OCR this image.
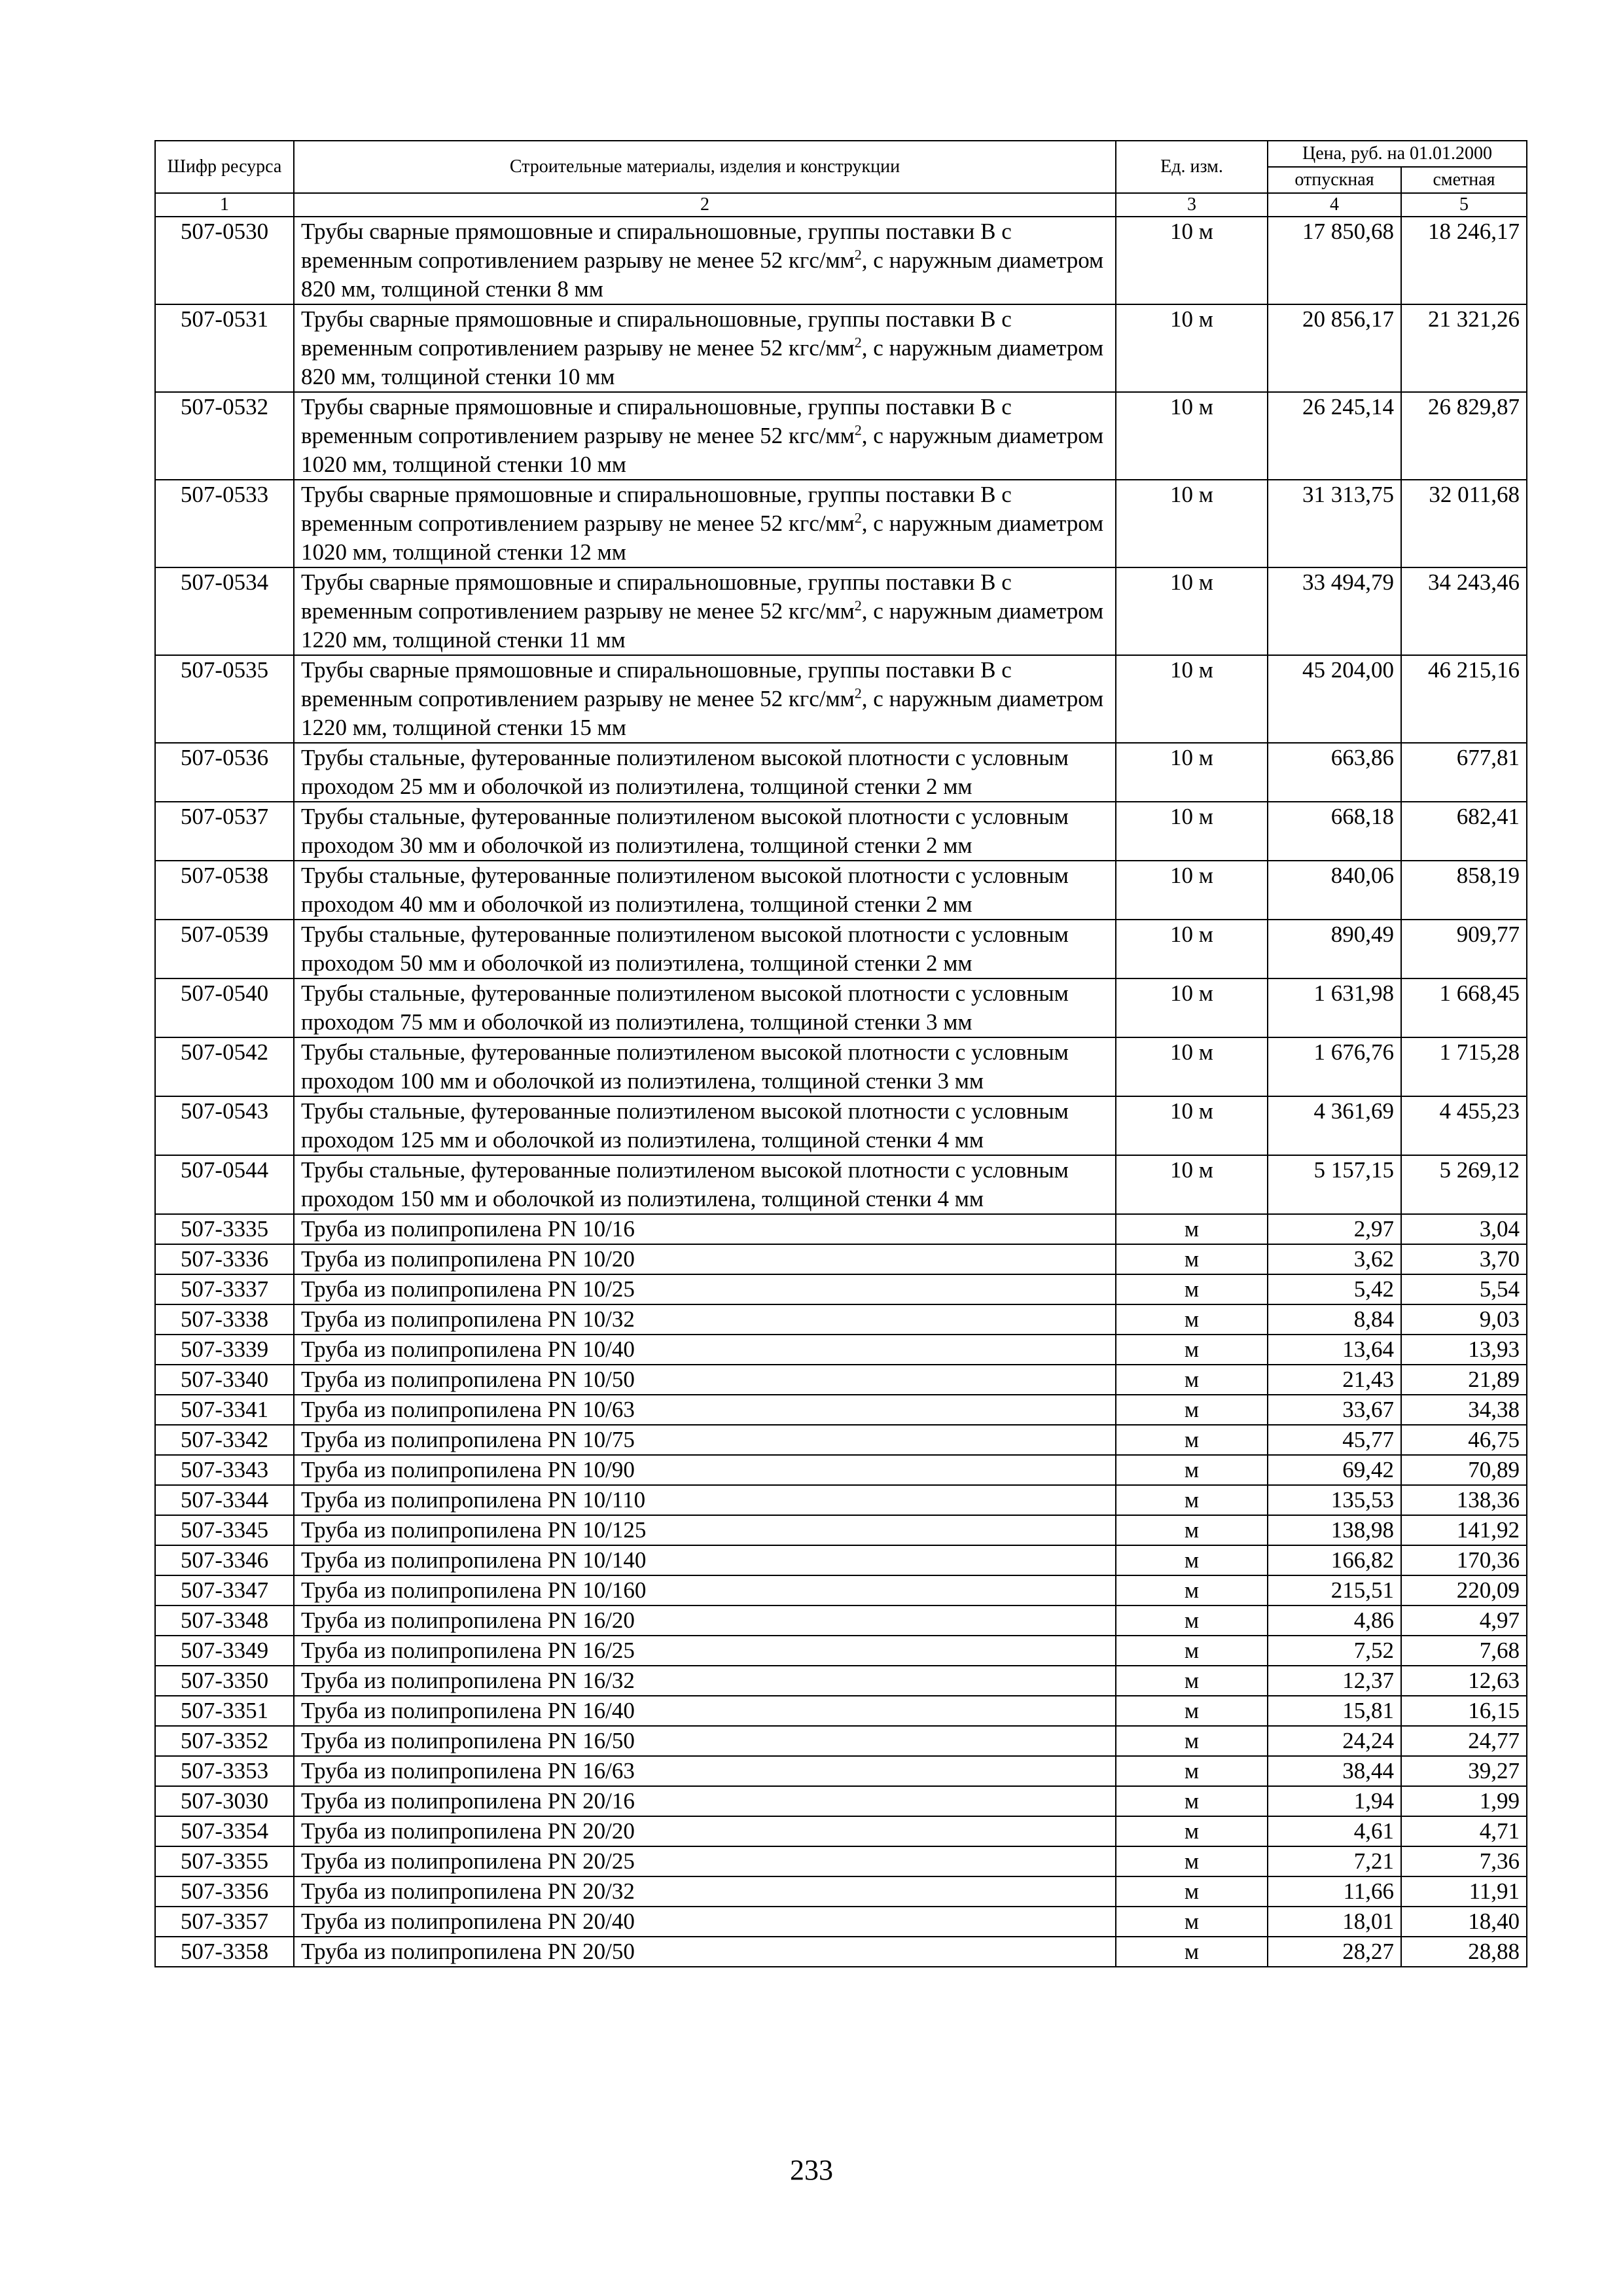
Шифр ресурса	Строительные материалы, изделия и конструкции	Ед. изм.	Цена, руб. на 01.01.2000	
			отпускная	сметная
1	2	3	4	5
507-0530	Трубы сварные прямошовные и спиральношовные, группы поставки В с временным сопротивлением разрыву не менее 52 кгс/$мм^2$, с наружным диаметром 820 мм, толщиной стенки 8 мм	10 м	17 850,68	18 246,17
507-0531	Трубы сварные прямошовные и спиральношовные, группы поставки В с временным сопротивлением разрыву не менее 52 кгс/$мм^2$, с наружным диаметром 820 мм, толщиной стенки 10 мм	10 м	20 856,17	21 321,26
507-0532	Трубы сварные прямошовные и спиральношовные, группы поставки В с временным сопротивлением разрыву не менее 52 кгс/$мм^2$, с наружным диаметром 1020 мм, толщиной стенки 10 мм	10 м	26 245,14	26 829,87
507-0533	Трубы сварные прямошовные и спиральношовные, группы поставки В с временным сопротивлением разрыву не менее 52 кгс/$мм^2$, с наружным диаметром 1020 мм, толщиной стенки 12 мм	10 м	31 313,75	32 011,68
507-0534	Трубы сварные прямошовные и спиральношовные, группы поставки В с временным сопротивлением разрыву не менее 52 кгс/$мм^2$, с наружным диаметром 1220 мм, толщиной стенки 11 мм	10 м	33 494,79	34 243,46
507-0535	Трубы сварные прямошовные и спиральношовные, группы поставки В с временным сопротивлением разрыву не менее 52 кгс/$мм^2$, с наружным диаметром 1220 мм, толщиной стенки 15 мм	10 м	45 204,00	46 215,16
507-0536	Трубы стальные, футерованные полиэтиленом высокой плотности с условным проходом 25 мм и оболочкой из полиэтилена, толщиной стенки 2 мм	10 м	663,86	677,81
507-0537	Трубы стальные, футерованные полиэтиленом высокой плотности с условным проходом 30 мм и оболочкой из полиэтилена, толщиной стенки 2 мм	10 м	668,18	682,41
507-0538	Трубы стальные, футерованные полиэтиленом высокой плотности с условным проходом 40 мм и оболочкой из полиэтилена, толщиной стенки 2 мм	10 м	840,06	858,19
507-0539	Трубы стальные, футерованные полиэтиленом высокой плотности с условным проходом 50 мм и оболочкой из полиэтилена, толщиной стенки 2 мм	10 м	890,49	909,77
507-0540	Трубы стальные, футерованные полиэтиленом высокой плотности с условным проходом 75 мм и оболочкой из полиэтилена, толщиной стенки 3 мм	10 м	1 631,98	1 668,45
507-0542	Трубы стальные, футерованные полиэтиленом высокой плотности с условным проходом 100 мм и оболочкой из полиэтилена, толщиной стенки 3 мм	10 м	1 676,76	1 715,28
507-0543	Трубы стальные, футерованные полиэтиленом высокой плотности с условным проходом 125 мм и оболочкой из полиэтилена, толщиной стенки 4 мм	10 м	4 361,69	4 455,23
507-0544	Трубы стальные, футерованные полиэтиленом высокой плотности с условным проходом 150 мм и оболочкой из полиэтилена, толщиной стенки 4 мм	10 м	5 157,15	5 269,12
507-3335	Труба из полипропилена PN 10/16	м	2,97	3,04
507-3336	Труба из полипропилена PN 10/20	м	3,62	3,70
507-3337	Труба из полипропилена PN 10/25	м	5,42	5,54
507-3338	Труба из полипропилена PN 10/32	м	8,84	9,03
507-3339	Труба из полипропилена PN 10/40	м	13,64	13,93
507-3340	Труба из полипропилена PN 10/50	м	21,43	21,89
507-3341	Труба из полипропилена PN 10/63	м	33,67	34,38
507-3342	Труба из полипропилена PN 10/75	м	45,77	46,75
507-3343	Труба из полипропилена PN 10/90	м	69,42	70,89
507-3344	Труба из полипропилена PN 10/110	м	135,53	138,36
507-3345	Труба из полипропилена PN 10/125	м	138,98	141,92
507-3346	Труба из полипропилена PN 10/140	м	166,82	170,36
507-3347	Труба из полипропилена PN 10/160	м	215,51	220,09
507-3348	Труба из полипропилена PN 16/20	м	4,86	4,97
507-3349	Труба из полипропилена PN 16/25	м	7,52	7,68
507-3350	Труба из полипропилена PN 16/32	м	12,37	12,63
507-3351	Труба из полипропилена PN 16/40	м	15,81	16,15
507-3352	Труба из полипропилена PN 16/50	м	24,24	24,77
507-3353	Труба из полипропилена PN 16/63	м	38,44	39,27
507-3030	Труба из полипропилена PN 20/16	м	1,94	1,99
507-3354	Труба из полипропилена PN 20/20	м	4,61	4,71
507-3355	Труба из полипропилена PN 20/25	м	7,21	7,36
507-3356	Труба из полипропилена PN 20/32	м	11,66	11,91
507-3357	Труба из полипропилена PN 20/40	м	18,01	18,40
507-3358	Труба из полипропилена PN 20/50	м	28,27	28,88
233
